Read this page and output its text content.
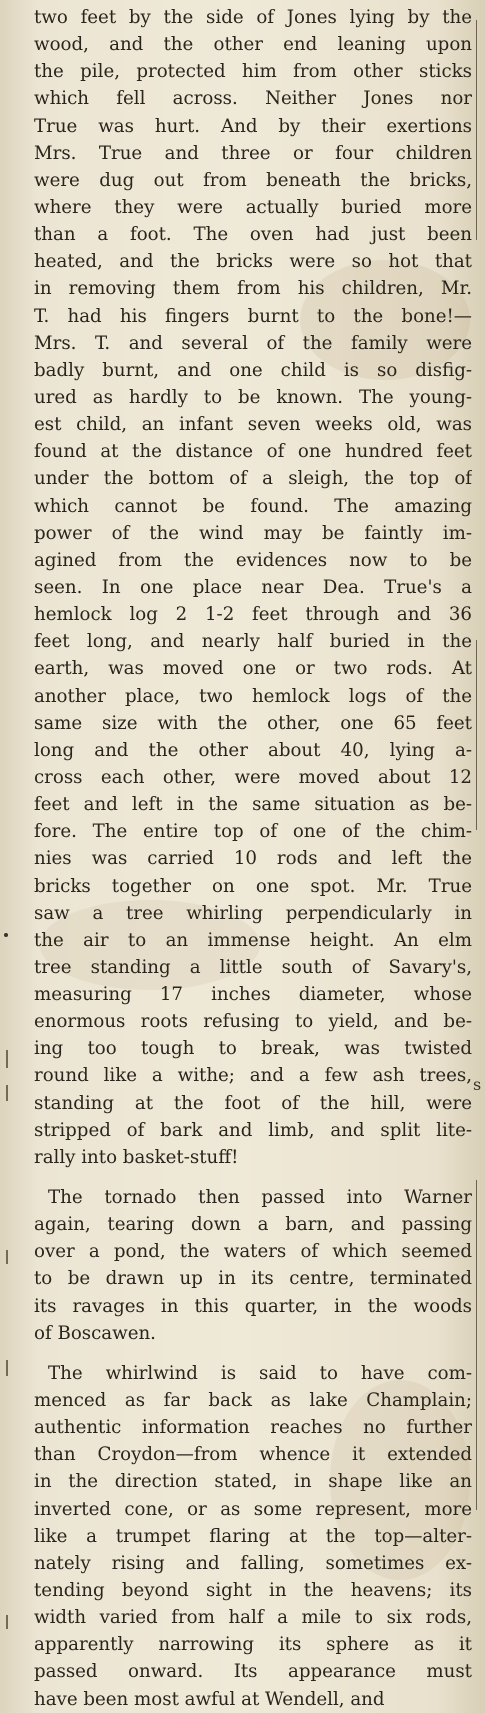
s
two feet by the side of Jones lying by the
wood, and the other end leaning upon
the pile, protected him from other sticks
which fell across. Neither Jones nor
True was hurt. And by their exertions
Mrs. True and three or four children
were dug out from beneath the bricks,
where they were actually buried more
than a foot. The oven had just been
heated, and the bricks were so hot that
in removing them from his children, Mr.
T. had his fingers burnt to the bone!—
Mrs. T. and several of the family were
badly burnt, and one child is so disfig-
ured as hardly to be known. The young-
est child, an infant seven weeks old, was
found at the distance of one hundred feet
under the bottom of a sleigh, the top of
which cannot be found. The amazing
power of the wind may be faintly im-
agined from the evidences now to be
seen. In one place near Dea. True's a
hemlock log 2 1-2 feet through and 36
feet long, and nearly half buried in the
earth, was moved one or two rods. At
another place, two hemlock logs of the
same size with the other, one 65 feet
long and the other about 40, lying a-
cross each other, were moved about 12
feet and left in the same situation as be-
fore. The entire top of one of the chim-
nies was carried 10 rods and left the
bricks together on one spot. Mr. True
saw a tree whirling perpendicularly in
the air to an immense height. An elm
tree standing a little south of Savary's,
measuring 17 inches diameter, whose
enormous roots refusing to yield, and be-
ing too tough to break, was twisted
round like a withe; and a few ash trees,
standing at the foot of the hill, were
stripped of bark and limb, and split lite-
rally into basket-stuff!
The tornado then passed into Warner
again, tearing down a barn, and passing
over a pond, the waters of which seemed
to be drawn up in its centre, terminated
its ravages in this quarter, in the woods
of Boscawen.
The whirlwind is said to have com-
menced as far back as lake Champlain;
authentic information reaches no further
than Croydon—from whence it extended
in the direction stated, in shape like an
inverted cone, or as some represent, more
like a trumpet flaring at the top—alter-
nately rising and falling, sometimes ex-
tending beyond sight in the heavens; its
width varied from half a mile to six rods,
apparently narrowing its sphere as it
passed onward. Its appearance must
have been most awful at Wendell, and
